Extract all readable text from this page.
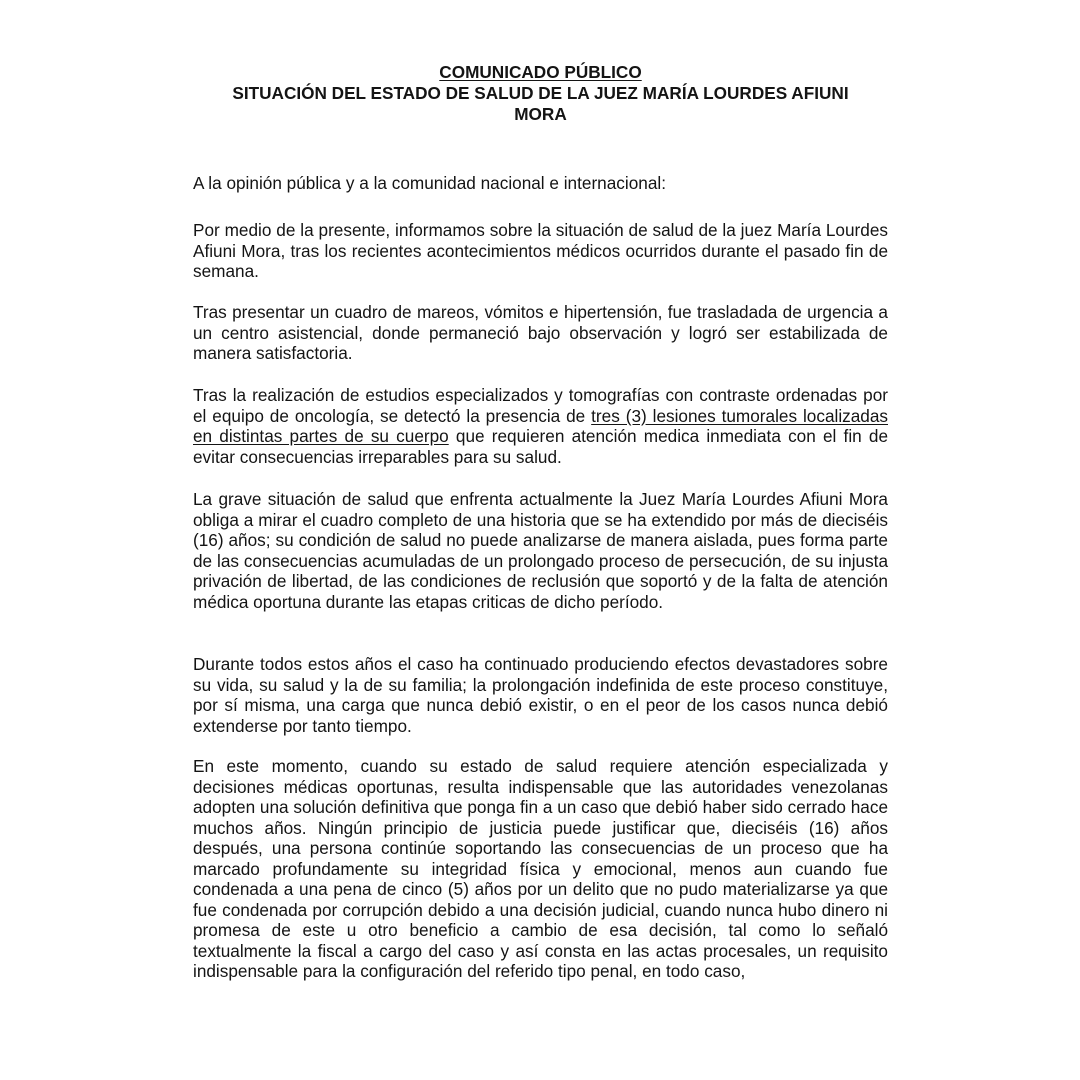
COMUNICADO PÚBLICO

SITUACIÓN DEL ESTADO DE SALUD DE LA JUEZ MARÍA LOURDES AFIUNI MORA

A la opinión pública y a la comunidad nacional e internacional:

Por medio de la presente, informamos sobre la situación de salud de la juez María Lourdes Afiuni Mora, tras los recientes acontecimientos médicos ocurridos durante el pasado fin de semana.

Tras presentar un cuadro de mareos, vómitos e hipertensión, fue trasladada de urgencia a un centro asistencial, donde permaneció bajo observación y logró ser estabilizada de manera satisfactoria.

Tras la realización de estudios especializados y tomografías con contraste ordenadas por el equipo de oncología, se detectó la presencia de tres (3) lesiones tumorales localizadas en distintas partes de su cuerpo que requieren atención medica inmediata con el fin de evitar consecuencias irreparables para su salud.

La grave situación de salud que enfrenta actualmente la Juez María Lourdes Afiuni Mora obliga a mirar el cuadro completo de una historia que se ha extendido por más de dieciséis (16) años; su condición de salud no puede analizarse de manera aislada, pues forma parte de las consecuencias acumuladas de un prolongado proceso de persecución, de su injusta privación de libertad, de las condiciones de reclusión que soportó y de la falta de atención médica oportuna durante las etapas criticas de dicho período.

Durante todos estos años el caso ha continuado produciendo efectos devastadores sobre su vida, su salud y la de su familia; la prolongación indefinida de este proceso constituye, por sí misma, una carga que nunca debió existir, o en el peor de los casos nunca debió extenderse por tanto tiempo.

En este momento, cuando su estado de salud requiere atención especializada y decisiones médicas oportunas, resulta indispensable que las autoridades venezolanas adopten una solución definitiva que ponga fin a un caso que debió haber sido cerrado hace muchos años. Ningún principio de justicia puede justificar que, dieciséis (16) años después, una persona continúe soportando las consecuencias de un proceso que ha marcado profundamente su integridad física y emocional, menos aun cuando fue condenada a una pena de cinco (5) años por un delito que no pudo materializarse ya que fue condenada por corrupción debido a una decisión judicial, cuando nunca hubo dinero ni promesa de este u otro beneficio a cambio de esa decisión, tal como lo señaló textualmente la fiscal a cargo del caso y así consta en las actas procesales, un requisito indispensable para la configuración del referido tipo penal, en todo caso,
